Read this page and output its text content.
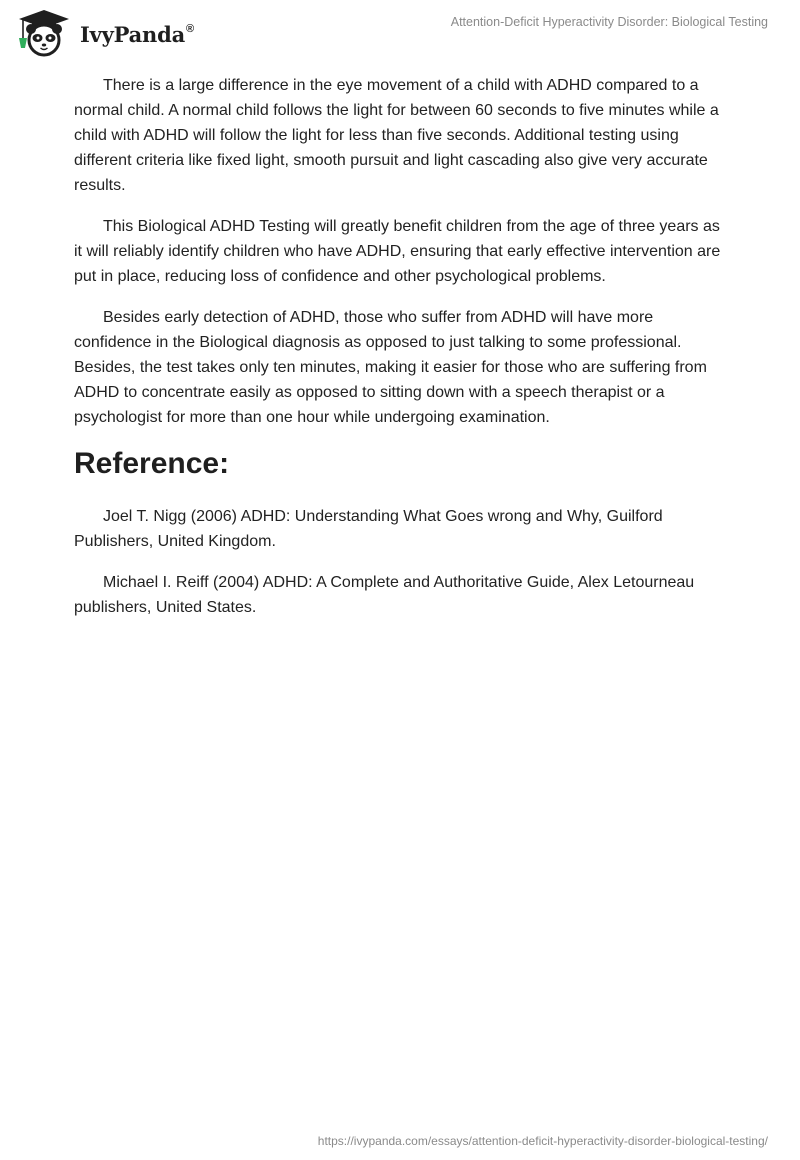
IvyPanda®	Attention-Deficit Hyperactivity Disorder: Biological Testing

There is a large difference in the eye movement of a child with ADHD compared to a normal child. A normal child follows the light for between 60 seconds to five minutes while a child with ADHD will follow the light for less than five seconds. Additional testing using different criteria like fixed light, smooth pursuit and light cascading also give very accurate results.

This Biological ADHD Testing will greatly benefit children from the age of three years as it will reliably identify children who have ADHD, ensuring that early effective intervention are put in place, reducing loss of confidence and other psychological problems.

Besides early detection of ADHD, those who suffer from ADHD will have more confidence in the Biological diagnosis as opposed to just talking to some professional. Besides, the test takes only ten minutes, making it easier for those who are suffering from ADHD to concentrate easily as opposed to sitting down with a speech therapist or a psychologist for more than one hour while undergoing examination.

Reference:

Joel T. Nigg (2006) ADHD: Understanding What Goes wrong and Why, Guilford Publishers, United Kingdom.

Michael I. Reiff (2004) ADHD: A Complete and Authoritative Guide, Alex Letourneau publishers, United States.

https://ivypanda.com/essays/attention-deficit-hyperactivity-disorder-biological-testing/
